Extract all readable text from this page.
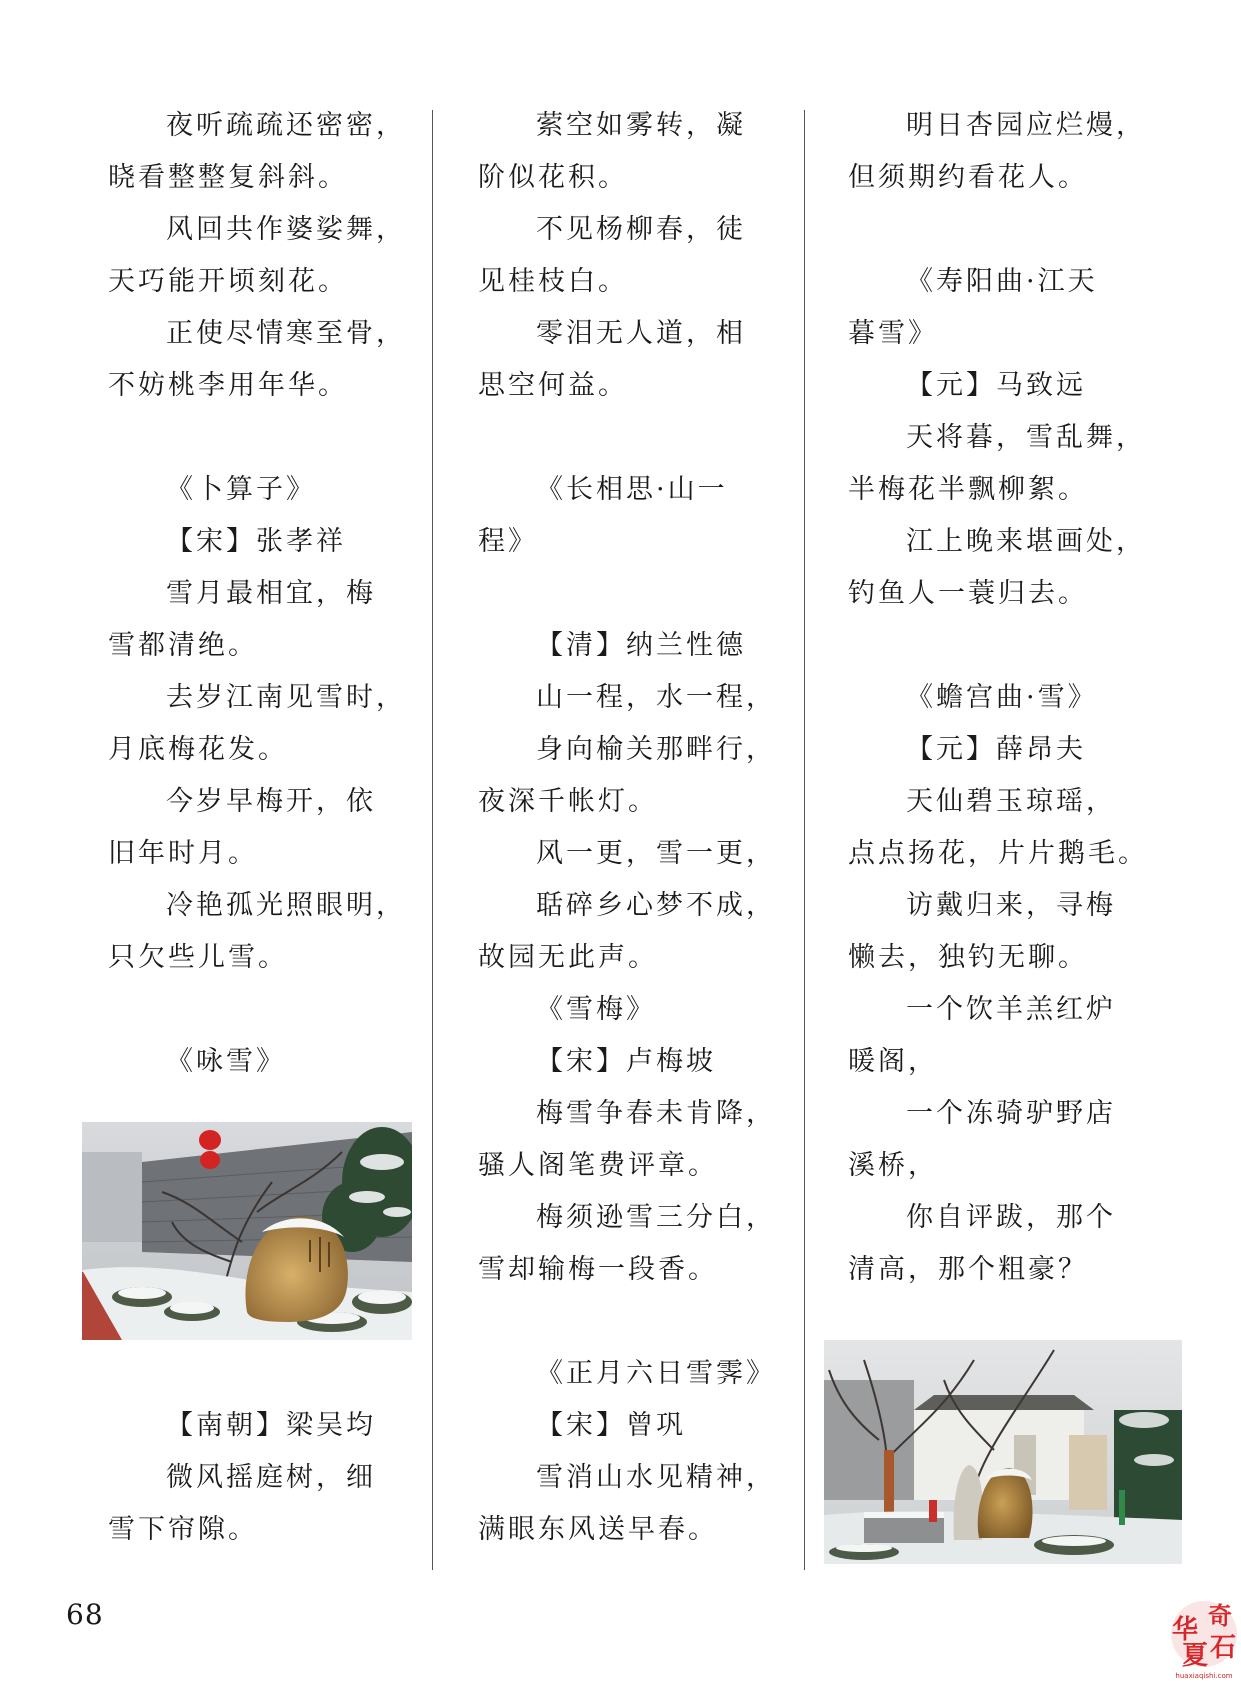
夜听疏疏还密密，

晓看整整复斜斜。

风回共作婆娑舞，

天巧能开顷刻花。

正使尽情寒至骨，

不妨桃李用年华。

《卜算子》

【宋】张孝祥

雪月最相宜，梅

雪都清绝。

去岁江南见雪时，

月底梅花发。

今岁早梅开，依

旧年时月。

冷艳孤光照眼明，

只欠些儿雪。

《咏雪》

【南朝】梁吴均

微风摇庭树，细

雪下帘隙。

萦空如雾转，凝

阶似花积。

不见杨柳春，徒

见桂枝白。

零泪无人道，相

思空何益。

《长相思·山一

程》

【清】纳兰性德

山一程，水一程，

身向榆关那畔行，

夜深千帐灯。

风一更，雪一更，

聒碎乡心梦不成，

故园无此声。

《雪梅》

【宋】卢梅坡

梅雪争春未肯降，

骚人阁笔费评章。

梅须逊雪三分白，

雪却输梅一段香。

《正月六日雪霁》

【宋】曾巩

雪消山水见精神，

满眼东风送早春。

明日杏园应烂熳，

但须期约看花人。

《寿阳曲·江天

暮雪》

【元】马致远

天将暮，雪乱舞，

半梅花半飘柳絮。

江上晚来堪画处，

钓鱼人一蓑归去。

《蟾宫曲·雪》

【元】薛昂夫

天仙碧玉琼瑶，

点点扬花，片片鹅毛。

访戴归来，寻梅

懒去，独钓无聊。

一个饮羊羔红炉

暖阁，

一个冻骑驴野店

溪桥，

你自评跋，那个

清高，那个粗豪？

68	奇
石
华
夏
huaxiaqishi.com
